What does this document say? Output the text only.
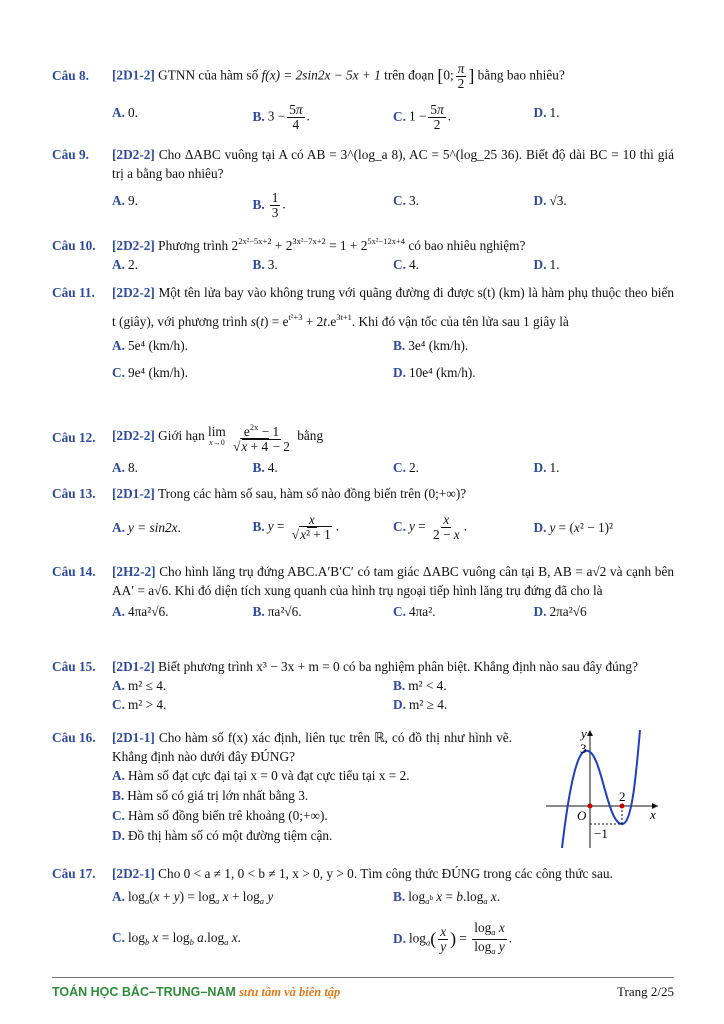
Câu 8.	[2D1-2] GTNN của hàm số f(x) = 2sin2x − 5x + 1 trên đoạn [0; $\frac{\pi}{2}$ ] bằng bao nhiêu?
A. 0.	B. $3 - \frac{5\pi}{4}$ .	C. $1 - \frac{5\pi}{2}$ .	D. 1.
Câu 9.	[2D2-2] Cho ΔABC vuông tại A có AB = 3^(log_a 8), AC = 5^(log_25 36). Biết độ dài BC = 10 thì giá trị a bằng bao nhiêu?
A. 9.	B. $\frac{1}{3}$ .	C. 3.	D. √3.
Câu 10.	[2D2-2] Phương trình $2^{2x^2-5x+2} + 2^{3x^2-7x+2} = 1 + 2^{5x^2-12x+4}$ có bao nhiêu nghiệm?
A. 2.	B. 3.	C. 4.	D. 1.
Câu 11.	[2D2-2] Một tên lửa bay vào không trung với quãng đường đi được s(t) (km) là hàm phụ thuộc theo biến t (giây), với phương trình $s(t) = e^{t^2+3} + 2t.e^{3t+1}$. Khi đó vận tốc của tên lửa sau 1 giây là
A. 5e⁴ (km/h).	B. 3e⁴ (km/h).
C. 9e⁴ (km/h).	D. 10e⁴ (km/h).
Câu 12.	[2D2-2] Giới hạn lim
x→0
$\frac{e^{2x} - 1}{√x + 4 - 2}$ bằng
A. 8.	B. 4.	C. 2.	D. 1.
Câu 13.	[2D1-2] Trong các hàm số sau, hàm số nào đồng biến trên (0;+∞)?
A. y = sin2x.	B. $y = \frac{x}{\text{√x² + 1}}$ .	C. $y = \frac{x}{2 - x}$ .	D. y = (x² − 1)²
Câu 14.	[2H2-2] Cho hình lăng trụ đứng ABC.A′B′C′ có tam giác ΔABC vuông cân tại B, AB = a√2 và cạnh bên AA′ = a√6. Khi đó diện tích xung quanh của hình trụ ngoại tiếp hình lăng trụ đứng đã cho là
A. 4πa²√6.	B. πa²√6.	C. 4πa².	D. 2πa²√6
Câu 15.	[2D1-2] Biết phương trình x³ − 3x + m = 0 có ba nghiệm phân biệt. Khẳng định nào sau đây đúng?
A. m² ≤ 4.	B. m² < 4.
C. m² > 4.	D. m² ≥ 4.
Câu 16.	[2D1-1] Cho hàm số f(x) xác định, liên tục trên ℝ, có đồ thị như hình vẽ. Khẳng định nào dưới đây ĐÚNG?
A. Hàm số đạt cực đại tại x = 0 và đạt cực tiểu tại x = 2.
B. Hàm số có giá trị lớn nhất bằng 3.
C. Hàm số đồng biến trê khoảng (0;+∞).
D. Đồ thị hàm số có một đường tiệm cận.
y
x
O
3
2
−1
Câu 17.	[2D2-1] Cho 0 < a ≠ 1, 0 < b ≠ 1, x > 0, y > 0. Tìm công thức ĐÚNG trong các công thức sau.
A. $\log_a(x + y) = \log_a x + \log_a y$	B. $\log_{a^b} x = b.\log_a$ x.
C. $\log_b x = \log_b a.\log_a$ x.	D. $\log_a( \frac{x}{y}$ ) = $\frac{\log_a x}{\log_a y}$ .
TOÁN HỌC BẮC–TRUNG–NAM sưu tầm và biên tập	Trang 2/25
